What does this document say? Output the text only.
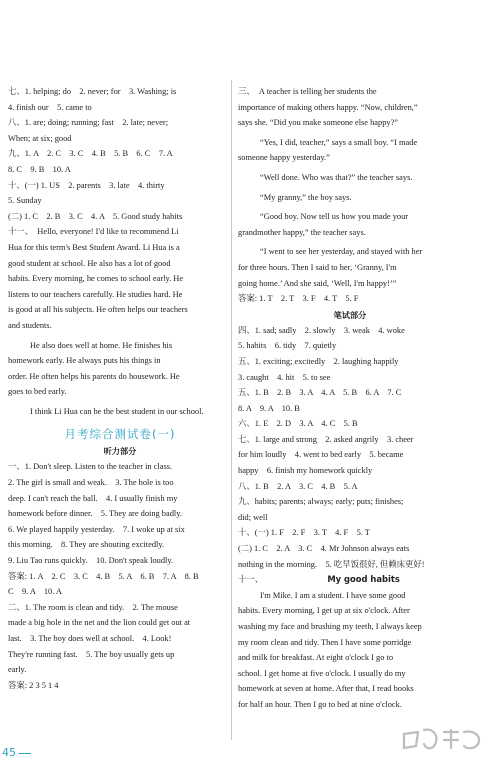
七、1. helping; do　2. never; for　3. Washing; is
4. finish our　5. came to
八、1. are; doing; running; fast　2. late; never;
When; at six; good
九、1. A　2. C　3. C　4. B　5. B　6. C　7. A
8. C　9. B　10. A
十、(一) 1. US　2. parents　3. late　4. thirty
5. Sunday
(二) 1. C　2. B　3. C　4. A　5. Good study habits
十一、　Hello, everyone! I'd like to recommend Li
Hua for this term's Best Student Award. Li Hua is a
good student at school. He also has a lot of good
habits. Every morning, he comes to school early. He
listens to our teachers carefully. He studies hard. He
is good at all his subjects. He often helps our teachers
and students.
He also does well at home. He finishes his
homework early. He always puts his things in
order. He often helps his parents do housework. He
goes to bed early.
I think Li Hua can be the best student in our school.
月考综合测试卷(一)
听力部分
一、1. Don't sleep. Listen to the teacher in class.
2. The girl is small and weak.　3. The hole is too
deep. I can't reach the ball.　4. I usually finish my
homework before dinner.　5. They are doing badly.
6. We played happily yesterday.　7. I woke up at six
this morning.　8. They are shouting excitedly.
9. Liu Tao runs quickly.　10. Don't speak loudly.
答案: 1. A　2. C　3. C　4. B　5. A　6. B　7. A　8. B
C　9. A　10. A
二、1. The room is clean and tidy.　2. The mouse
made a big hole in the net and the lion could get out at
last.　3. The boy does well at school.　4. Look!
They're running fast.　5. The boy usually gets up
early.
答案: 2 3 5 1 4
三、　A teacher is telling her students the
importance of making others happy. “Now, children,”
says she. “Did you make someone else happy?”
“Yes, I did, teacher,” says a small boy. “I made
someone happy yesterday.”
“Well done. Who was that?” the teacher says.
“My granny,” the boy says.
“Good boy. Now tell us how you made your
grandmother happy,” the teacher says.
“I went to see her yesterday, and stayed with her
for three hours. Then I said to her, ‘Granny, I'm
going home.’ And she said, ‘Well, I'm happy!’”
答案: 1. T　2. T　3. F　4. T　5. F
笔试部分
四、1. sad; sadly　2. slowly　3. weak　4. woke
5. habits　6. tidy　7. quietly
五、1. exciting; excitedly　2. laughing happily
3. caught　4. hit　5. to see
五、1. B　2. B　3. A　4. A　5. B　6. A　7. C
8. A　9. A　10. B
六、1. E　2. D　3. A　4. C　5. B
七、1. large and strong　2. asked angrily　3. cheer
for him loudly　4. went to bed early　5. became
happy　6. finish my homework quickly
八、1. B　2. A　3. C　4. B　5. A
九、habits; parents; always; early; puts; finishes;
did; well
十、(一) 1. F　2. F　3. T　4. F　5. T
(二) 1. C　2. A　3. C　4. Mr Johnson always eats
nothing in the morning.　5. 吃早饭很好, 但赖床更好!
十一、	My good habits
I'm Mike. I am a student. I have some good
habits. Every morning, I get up at six o'clock. After
washing my face and brushing my teeth, I always keep
my room clean and tidy. Then I have some porridge
and milk for breakfast. At eight o'clock I go to
school. I get home at five o'clock. I usually do my
homework at seven at home. After that, I read books
for half an hour. Then I go to bed at nine o'clock.
45
